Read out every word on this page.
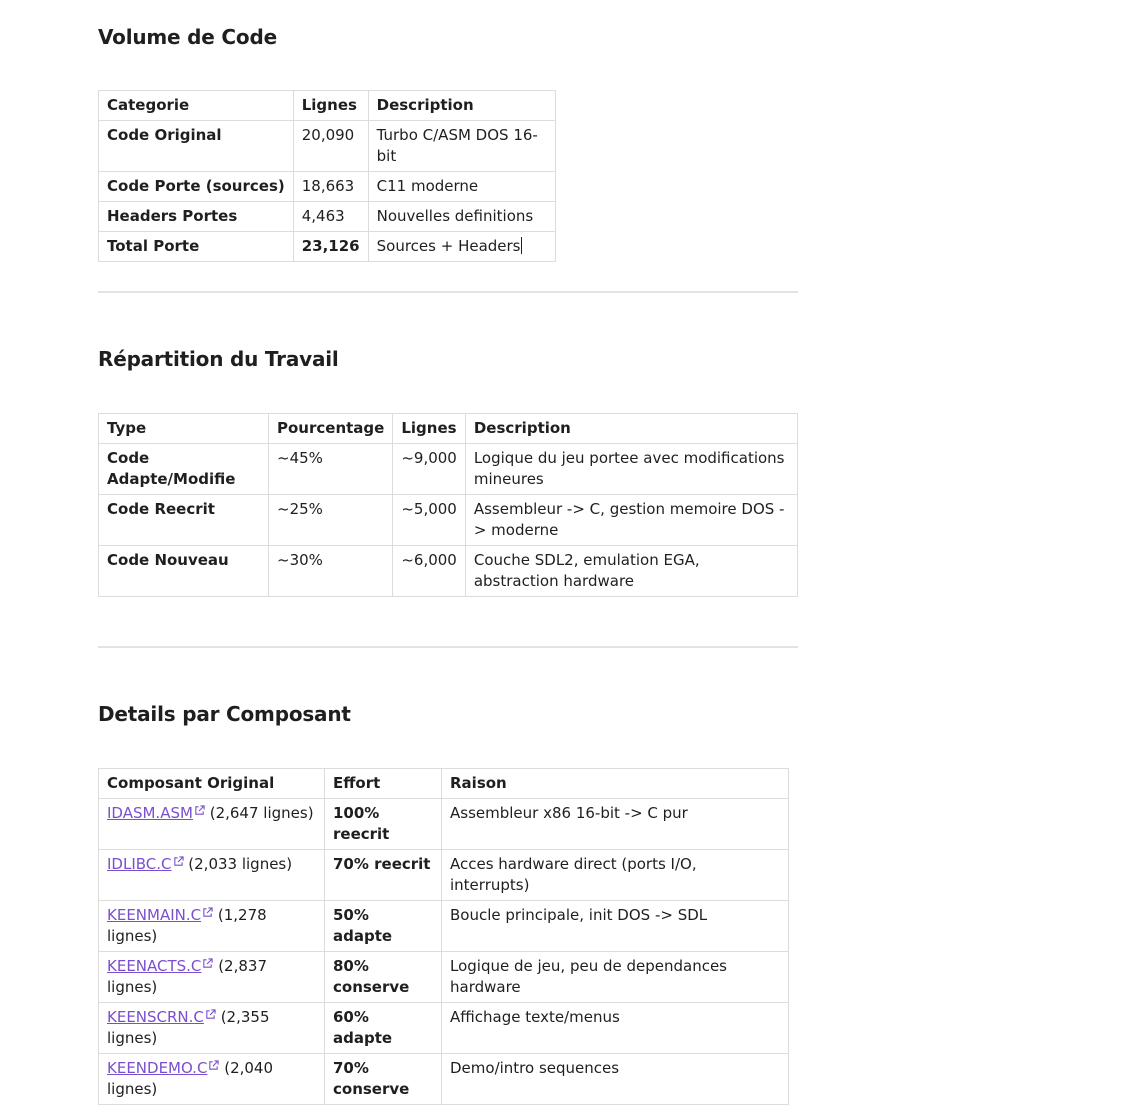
Volume de Code
Categorie	Lignes	Description
Code Original	20,090	Turbo C/ASM DOS 16-bit
Code Porte (sources)	18,663	C11 moderne
Headers Portes	4,463	Nouvelles definitions
Total Porte	23,126	Sources + Headers
Répartition du Travail
Type	Pourcentage	Lignes	Description
Code Adapte/Modifie	~45%	~9,000	Logique du jeu portee avec modifications mineures
Code Reecrit	~25%	~5,000	Assembleur -> C, gestion memoire DOS -> moderne
Code Nouveau	~30%	~6,000	Couche SDL2, emulation EGA, abstraction hardware
Details par Composant
Composant Original	Effort	Raison
IDASM.ASM (2,647 lignes)	100% reecrit	Assembleur x86 16-bit -> C pur
IDLIBC.C (2,033 lignes)	70% reecrit	Acces hardware direct (ports I/O, interrupts)
KEENMAIN.C (1,278 lignes)	50% adapte	Boucle principale, init DOS -> SDL
KEENACTS.C (2,837 lignes)	80% conserve	Logique de jeu, peu de dependances hardware
KEENSCRN.C (2,355 lignes)	60% adapte	Affichage texte/menus
KEENDEMO.C (2,040 lignes)	70% conserve	Demo/intro sequences
